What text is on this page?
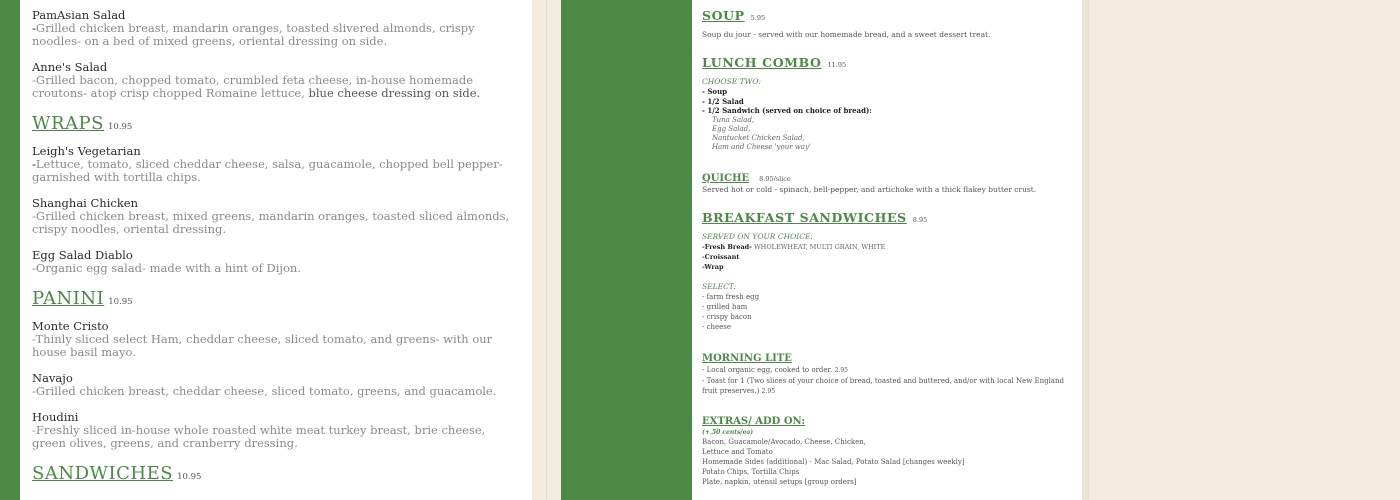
PamAsian Salad
-Grilled chicken breast, mandarin oranges, toasted slivered almonds, crispy noodles- on a bed of mixed greens, oriental dressing on side.
Anne's Salad
-Grilled bacon, chopped tomato, crumbled feta cheese, in-house homemade croutons- atop crisp chopped Romaine lettuce, blue cheese dressing on side.
WRAPS 10.95
Leigh's Vegetarian
-Lettuce, tomato, sliced cheddar cheese, salsa, guacamole, chopped bell pepper- garnished with tortilla chips.
Shanghai Chicken
-Grilled chicken breast, mixed greens, mandarin oranges, toasted sliced almonds, crispy noodles, oriental dressing.
Egg Salad Diablo
-Organic egg salad- made with a hint of Dijon.
PANINI 10.95
Monte Cristo
-Thinly sliced select Ham, cheddar cheese, sliced tomato, and greens- with our house basil mayo.
Navajo
-Grilled chicken breast, cheddar cheese, sliced tomato, greens, and guacamole.
Houdini
-Freshly sliced in-house whole roasted white meat turkey breast, brie cheese, green olives, greens, and cranberry dressing.
SANDWICHES 10.95
SOUP 5.95
Soup du jour - served with our homemade bread, and a sweet dessert treat.
LUNCH COMBO 11.95
CHOOSE TWO:
- Soup
- 1/2 Salad
- 1/2 Sandwich (served on choice of bread):
Tuna Salad,
Egg Salad,
Nantucket Chicken Salad,
Ham and Cheese 'your way'
QUICHE 8.95/slice
Served hot or cold - spinach, bell-pepper, and artichoke with a thick flakey butter crust.
BREAKFAST SANDWICHES 8.95
SERVED ON YOUR CHOICE:
-Fresh Bread- WHOLEWHEAT, MULTI GRAIN, WHITE
-Croissant
-Wrap
SELECT:
- farm fresh egg
- grilled ham
- crispy bacon
- cheese
MORNING LITE
- Local organic egg, cooked to order. 2.95
- Toast for 1 (Two slices of your choice of bread, toasted and buttered, and/or with local New England fruit preserves.) 2.95
EXTRAS/ ADD ON:
(+.50 cents/ea)
Bacon, Guacamole/Avocado, Cheese, Chicken,
Lettuce and Tomato
Homemade Sides (additional) - Mac Salad, Potato Salad [changes weekly]
Potato Chips, Tortilla Chips
Plate, napkin, utensil setups [group orders]
